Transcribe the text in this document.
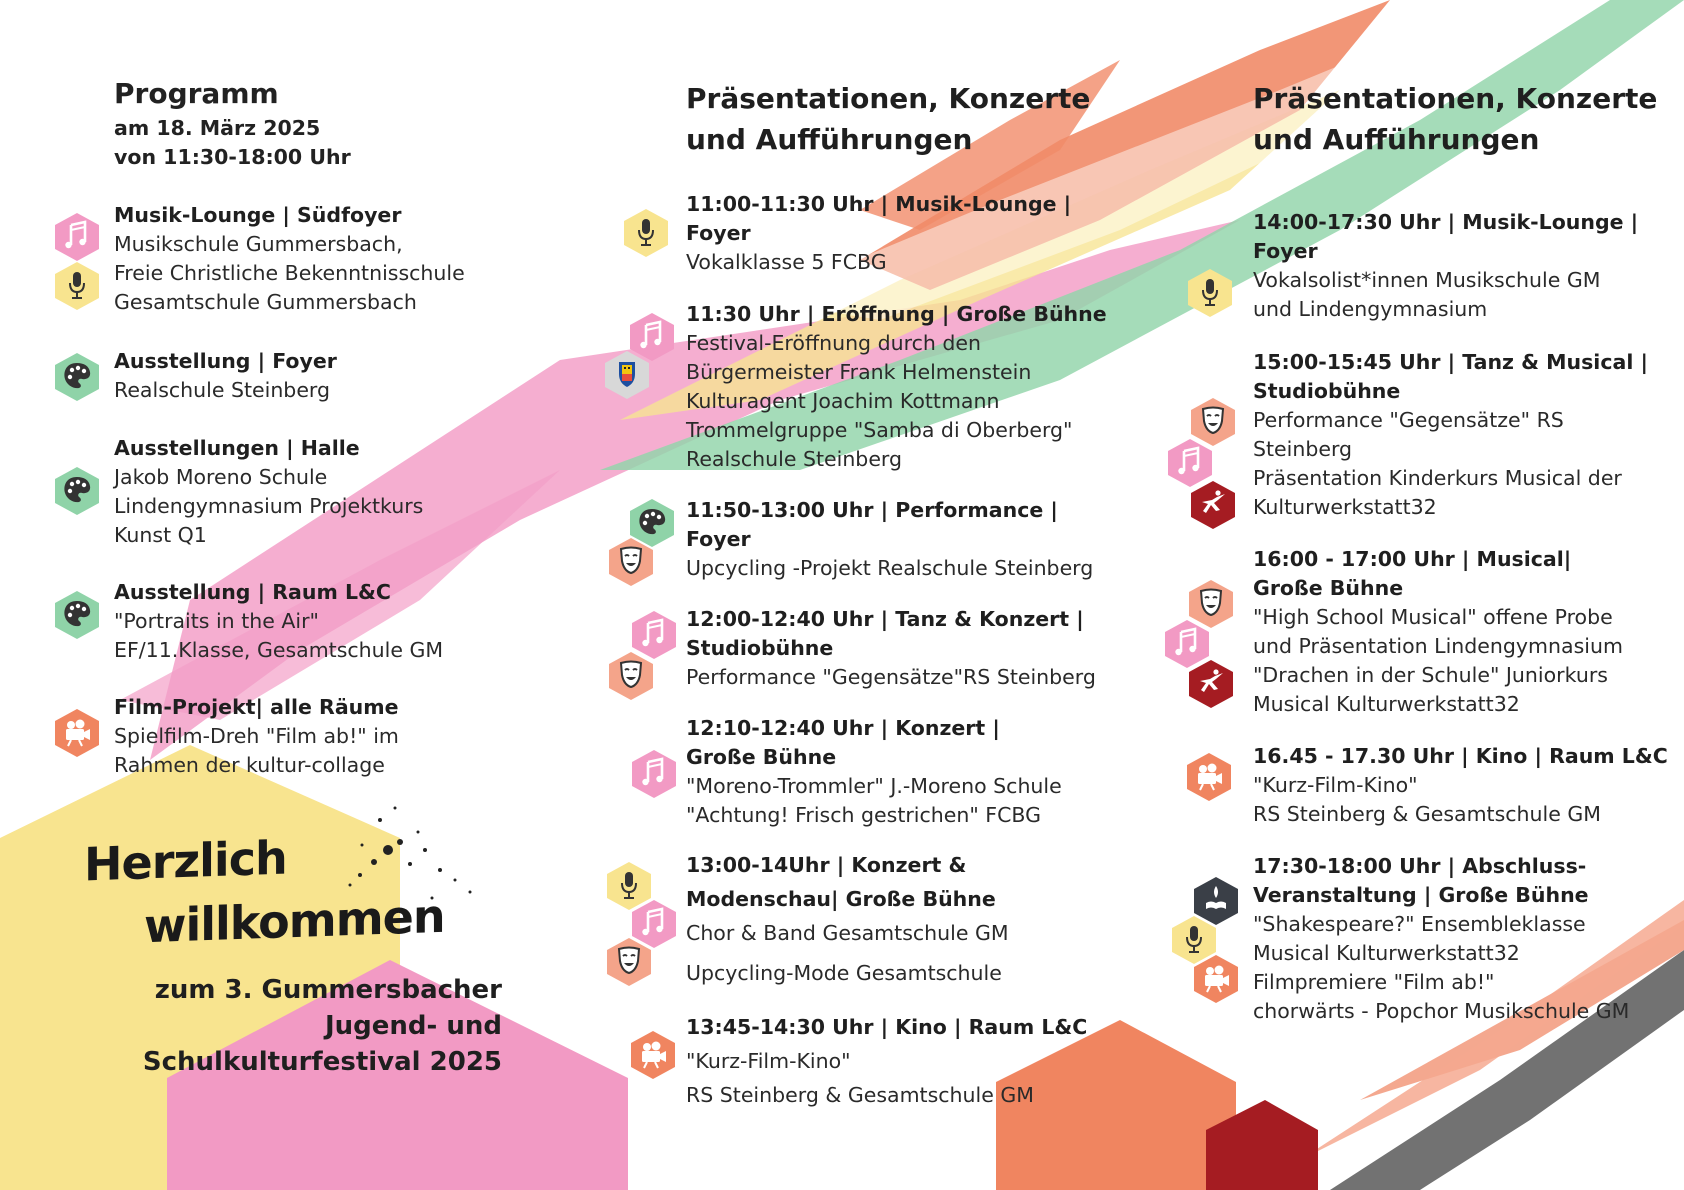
Programm
am 18. März 2025
von 11:30-18:00 Uhr
Musik-Lounge | Südfoyer
Musikschule Gummersbach,
Freie Christliche Bekenntnisschule
Gesamtschule Gummersbach
Ausstellung | Foyer
Realschule Steinberg
Ausstellungen | Halle
Jakob Moreno Schule
Lindengymnasium Projektkurs
Kunst Q1
Ausstellung | Raum L&C
"Portraits in the Air"
EF/11.Klasse, Gesamtschule GM
Film-Projekt| alle Räume
Spielfilm-Dreh "Film ab!" im
Rahmen der kultur-collage
Herzlich
willkommen
zum 3. Gummersbacher
Jugend- und
Schulkulturfestival 2025
Präsentationen, Konzerte
und Aufführungen
11:00-11:30 Uhr | Musik-Lounge |
Foyer
Vokalklasse 5 FCBG
11:30 Uhr | Eröffnung | Große Bühne
Festival-Eröffnung durch den
Bürgermeister Frank Helmenstein
Kulturagent Joachim Kottmann
Trommelgruppe "Samba di Oberberg"
Realschule Steinberg
11:50-13:00 Uhr | Performance |
Foyer
Upcycling -Projekt Realschule Steinberg
12:00-12:40 Uhr | Tanz & Konzert |
Studiobühne
Performance "Gegensätze"RS Steinberg
12:10-12:40 Uhr | Konzert |
Große Bühne
"Moreno-Trommler" J.-Moreno Schule
"Achtung! Frisch gestrichen" FCBG
13:00-14Uhr | Konzert &
Modenschau| Große Bühne
Chor & Band Gesamtschule GM
Upcycling-Mode Gesamtschule
13:45-14:30 Uhr | Kino | Raum L&C
"Kurz-Film-Kino"
RS Steinberg & Gesamtschule GM
Präsentationen, Konzerte
und Aufführungen
14:00-17:30 Uhr | Musik-Lounge |
Foyer
Vokalsolist*innen Musikschule GM
und Lindengymnasium
15:00-15:45 Uhr | Tanz & Musical |
Studiobühne
Performance "Gegensätze" RS
Steinberg
Präsentation Kinderkurs Musical der
Kulturwerkstatt32
16:00 - 17:00 Uhr | Musical|
Große Bühne
"High School Musical" offene Probe
und Präsentation Lindengymnasium
"Drachen in der Schule" Juniorkurs
Musical Kulturwerkstatt32
16.45 - 17.30 Uhr | Kino | Raum L&C
"Kurz-Film-Kino"
RS Steinberg & Gesamtschule GM
17:30-18:00 Uhr | Abschluss-
Veranstaltung | Große Bühne
"Shakespeare?" Ensembleklasse
Musical Kulturwerkstatt32
Filmpremiere "Film ab!"
chorwärts - Popchor Musikschule GM
